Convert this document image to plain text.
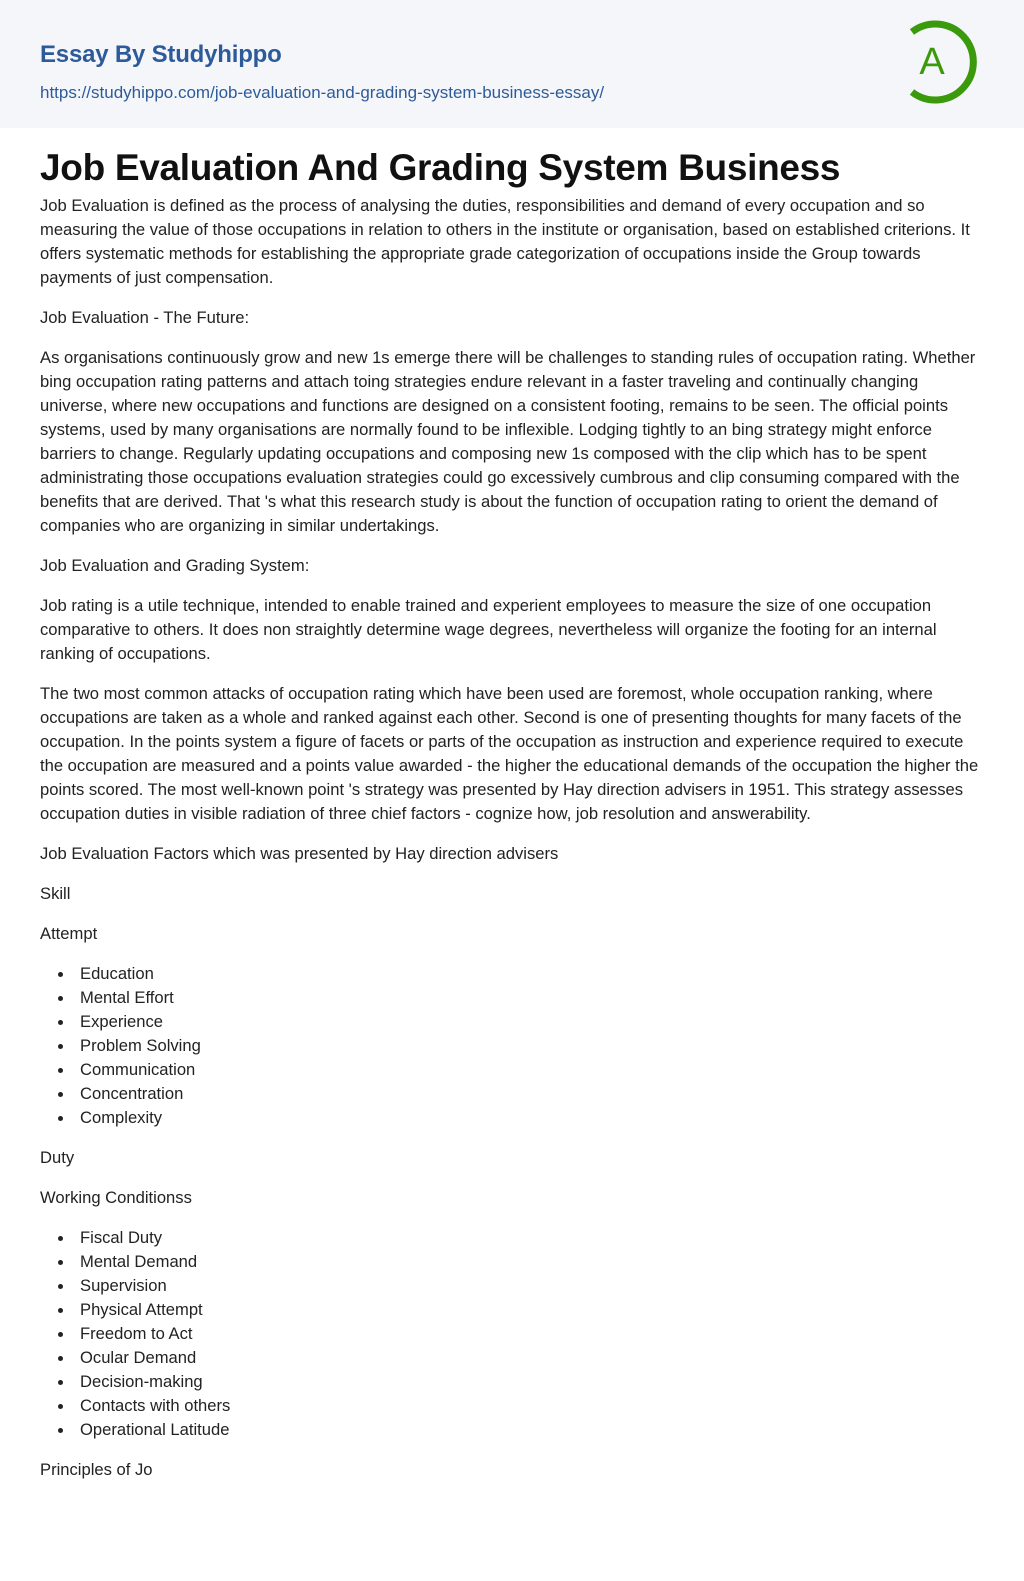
Essay By Studyhippo
https://studyhippo.com/job-evaluation-and-grading-system-business-essay/
A
Job Evaluation And Grading System Business

Job Evaluation is defined as the process of analysing the duties, responsibilities and demand of every occupation and so measuring the value of those occupations in relation to others in the institute or organisation, based on established criterions. It offers systematic methods for establishing the appropriate grade categorization of occupations inside the Group towards payments of just compensation.

Job Evaluation - The Future:

As organisations continuously grow and new 1s emerge there will be challenges to standing rules of occupation rating. Whether bing occupation rating patterns and attach toing strategies endure relevant in a faster traveling and continually changing universe, where new occupations and functions are designed on a consistent footing, remains to be seen. The official points systems, used by many organisations are normally found to be inflexible. Lodging tightly to an bing strategy might enforce barriers to change. Regularly updating occupations and composing new 1s composed with the clip which has to be spent administrating those occupations evaluation strategies could go excessively cumbrous and clip consuming compared with the benefits that are derived. That 's what this research study is about the function of occupation rating to orient the demand of companies who are organizing in similar undertakings.

Job Evaluation and Grading System:

Job rating is a utile technique, intended to enable trained and experient employees to measure the size of one occupation comparative to others. It does non straightly determine wage degrees, nevertheless will organize the footing for an internal ranking of occupations.

The two most common attacks of occupation rating which have been used are foremost, whole occupation ranking, where occupations are taken as a whole and ranked against each other. Second is one of presenting thoughts for many facets of the occupation. In the points system a figure of facets or parts of the occupation as instruction and experience required to execute the occupation are measured and a points value awarded - the higher the educational demands of the occupation the higher the points scored. The most well-known point 's strategy was presented by Hay direction advisers in 1951. This strategy assesses occupation duties in visible radiation of three chief factors - cognize how, job resolution and answerability.

Job Evaluation Factors which was presented by Hay direction advisers

Skill

Attempt

Education
Mental Effort
Experience
Problem Solving
Communication
Concentration
Complexity

Duty

Working Conditionss

Fiscal Duty
Mental Demand
Supervision
Physical Attempt
Freedom to Act
Ocular Demand
Decision-making
Contacts with others
Operational Latitude

Principles of Jo
